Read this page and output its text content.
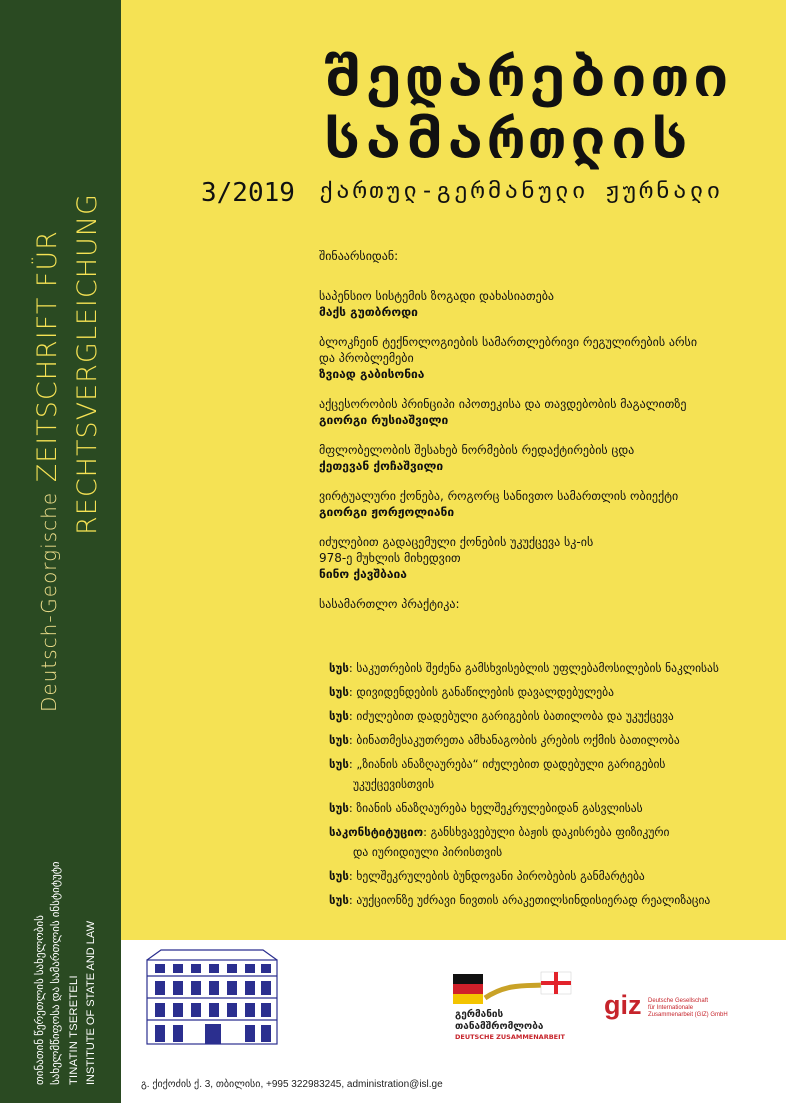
Deutsch-Georgische ZEITSCHRIFT FÜR RECHTSVERGLEICHUNG
თინათინ წერეთლის სახელობის სახელმწიფოსა და სამართლის ინსტიტუტი TINATIN TSERETELI INSTITUTE OF STATE AND LAW
შედარებითი
სამართლის
3/2019 ქართულ-გერმანული ჟურნალი
შინაარსიდან:
საპენსიო სისტემის ზოგადი დახასიათება
მაქს გუთბროდი
ბლოკჩეინ ტექნოლოგიების სამართლებრივი რეგულირების არსი და პრობლემები
ზვიად გაბისონია
აქცესორობის პრინციპი იპოთეკისა და თავდებობის მაგალითზე
გიორგი რუსიაშვილი
მფლობელობის შესახებ ნორმების რედაქტირების ცდა
ქეთევან ქოჩაშვილი
ვირტუალური ქონება, როგორც სანივთო სამართლის ობიექტი
გიორგი ჟორჟოლიანი
იძულებით გადაცემული ქონების უკუქცევა სკ-ის 978-ე მუხლის მიხედვით
ნინო ქავშბაია
სასამართლო პრაქტიკა:
სუს: საკუთრების შეძენა გამსხვისებლის უფლებამოსილების ნაკლისას
სუს: დივიდენდების განაწილების დავალდებულება
სუს: იძულებით დადებული გარიგების ბათილობა და უკუქცევა
სუს: ბინათმესაკუთრეთა ამხანაგობის კრების ოქმის ბათილობა
სუს: „ზიანის ანაზღაურება“ იძულებით დადებული გარიგების
უკუქცევისთვის
სუს: ზიანის ანაზღაურება ხელშეკრულებიდან გასვლისას
საკონსტიტუციო: განსხვავებული ბაჟის დაკისრება ფიზიკური
და იურიდიული პირისთვის
სუს: ხელშეკრულების ბუნდოვანი პირობების განმარტება
სუს: აუქციონზე უძრავი ნივთის არაკეთილსინდისიერად რეალიზაცია
გ. ქიქოძის ქ. 3, თბილისი, +995 322983245, administration@isl.ge
გერმანის
თანამშრომლობა
DEUTSCHE ZUSAMMENARBEIT
giz Deutsche Gesellschaft
für Internationale
Zusammenarbeit (GIZ) GmbH
